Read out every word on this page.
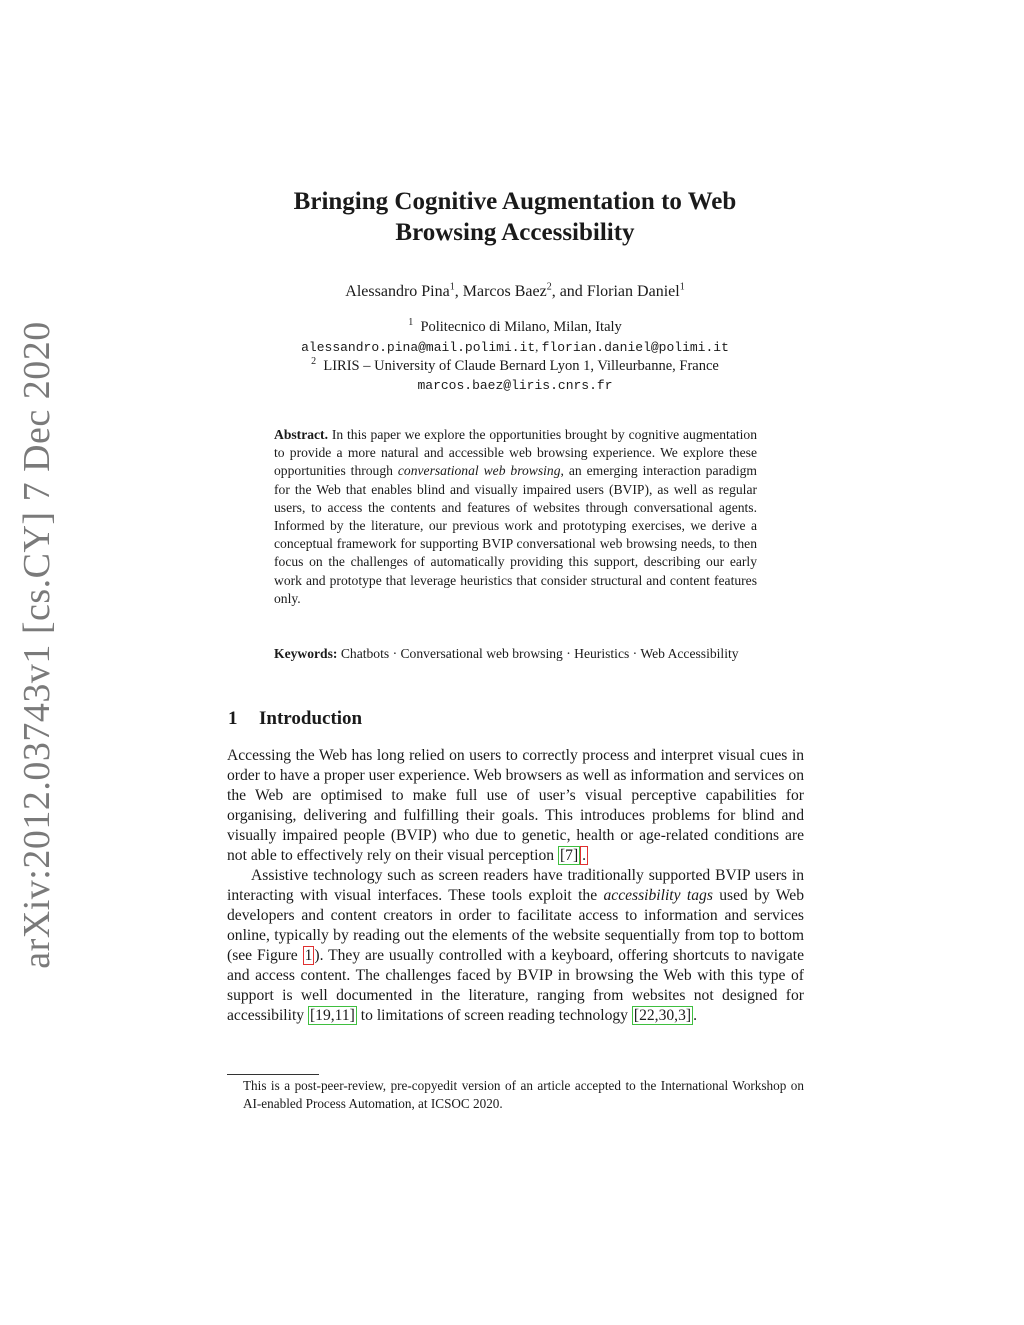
arXiv:2012.03743v1 [cs.CY] 7 Dec 2020
Bringing Cognitive Augmentation to Web
Browsing Accessibility
Alessandro Pina$^1$, Marcos Baez$^2$, and Florian Daniel$^1$
$^1$ Politecnico di Milano, Milan, Italy
alessandro.pina@mail.polimi.it, florian.daniel@polimi.it
$^2$ LIRIS – University of Claude Bernard Lyon 1, Villeurbanne, France
marcos.baez@liris.cnrs.fr
Abstract. In this paper we explore the opportunities brought by cognitive augmentation to provide a more natural and accessible web browsing experience. We explore these opportunities through conversational web browsing, an emerging interaction paradigm for the Web that enables blind and visually impaired users (BVIP), as well as regular users, to access the contents and features of websites through conversational agents. Informed by the literature, our previous work and prototyping exercises, we derive a conceptual framework for supporting BVIP conversational web browsing needs, to then focus on the challenges of automatically providing this support, describing our early work and prototype that leverage heuristics that consider structural and content features only.
Keywords: Chatbots · Conversational web browsing · Heuristics · Web Accessibility
1 Introduction

Accessing the Web has long relied on users to correctly process and interpret visual cues in order to have a proper user experience. Web browsers as well as information and services on the Web are optimised to make full use of user’s visual perceptive capabilities for organising, delivering and fulfilling their goals. This introduces problems for blind and visually impaired people (BVIP) who due to genetic, health or age-related conditions are not able to effectively rely on their visual perception [7] .

Assistive technology such as screen readers have traditionally supported BVIP users in interacting with visual interfaces. These tools exploit the accessibility tags used by Web developers and content creators in order to facilitate access to information and services online, typically by reading out the elements of the website sequentially from top to bottom (see Figure 1 ). They are usually controlled with a keyboard, offering shortcuts to navigate and access content. The challenges faced by BVIP in browsing the Web with this type of support is well documented in the literature, ranging from websites not designed for accessibility [19,11] to limitations of screen reading technology [22,30,3] .

This is a post-peer-review, pre-copyedit version of an article accepted to the International Workshop on AI-enabled Process Automation, at ICSOC 2020.
